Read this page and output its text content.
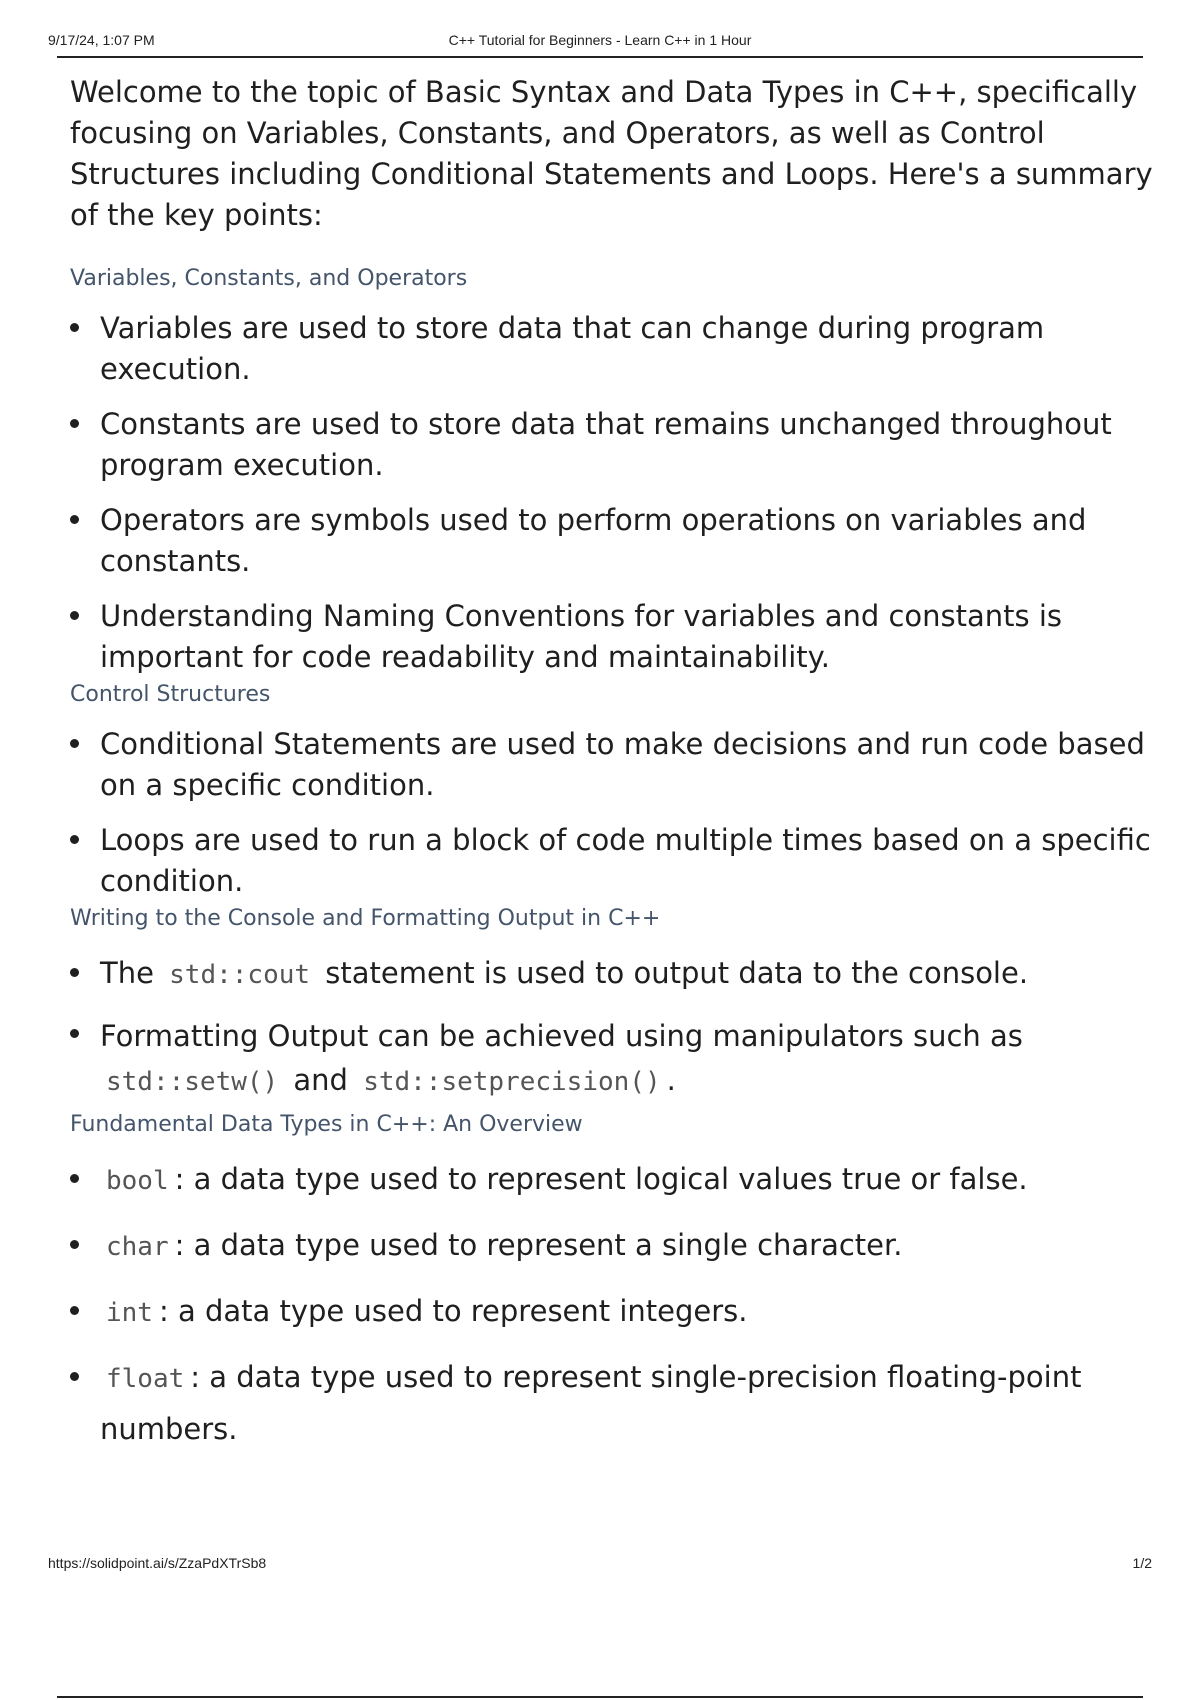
9/17/24, 1:07 PM	C++ Tutorial for Beginners - Learn C++ in 1 Hour

Welcome to the topic of Basic Syntax and Data Types in C++, specifically focusing on Variables, Constants, and Operators, as well as Control Structures including Conditional Statements and Loops. Here's a summary of the key points:

Variables, Constants, and Operators
Variables are used to store data that can change during program execution.
Constants are used to store data that remains unchanged throughout program execution.
Operators are symbols used to perform operations on variables and constants.
Understanding Naming Conventions for variables and constants is important for code readability and maintainability.
Control Structures
Conditional Statements are used to make decisions and run code based on a specific condition.
Loops are used to run a block of code multiple times based on a specific condition.
Writing to the Console and Formatting Output in C++
The std::cout statement is used to output data to the console.
Formatting Output can be achieved using manipulators such as std::setw() and std::setprecision() .
Fundamental Data Types in C++: An Overview
bool : a data type used to represent logical values true or false.
char : a data type used to represent a single character.
int : a data type used to represent integers.
float : a data type used to represent single-precision floating-point numbers.
https://solidpoint.ai/s/ZzaPdXTrSb8	1/2
